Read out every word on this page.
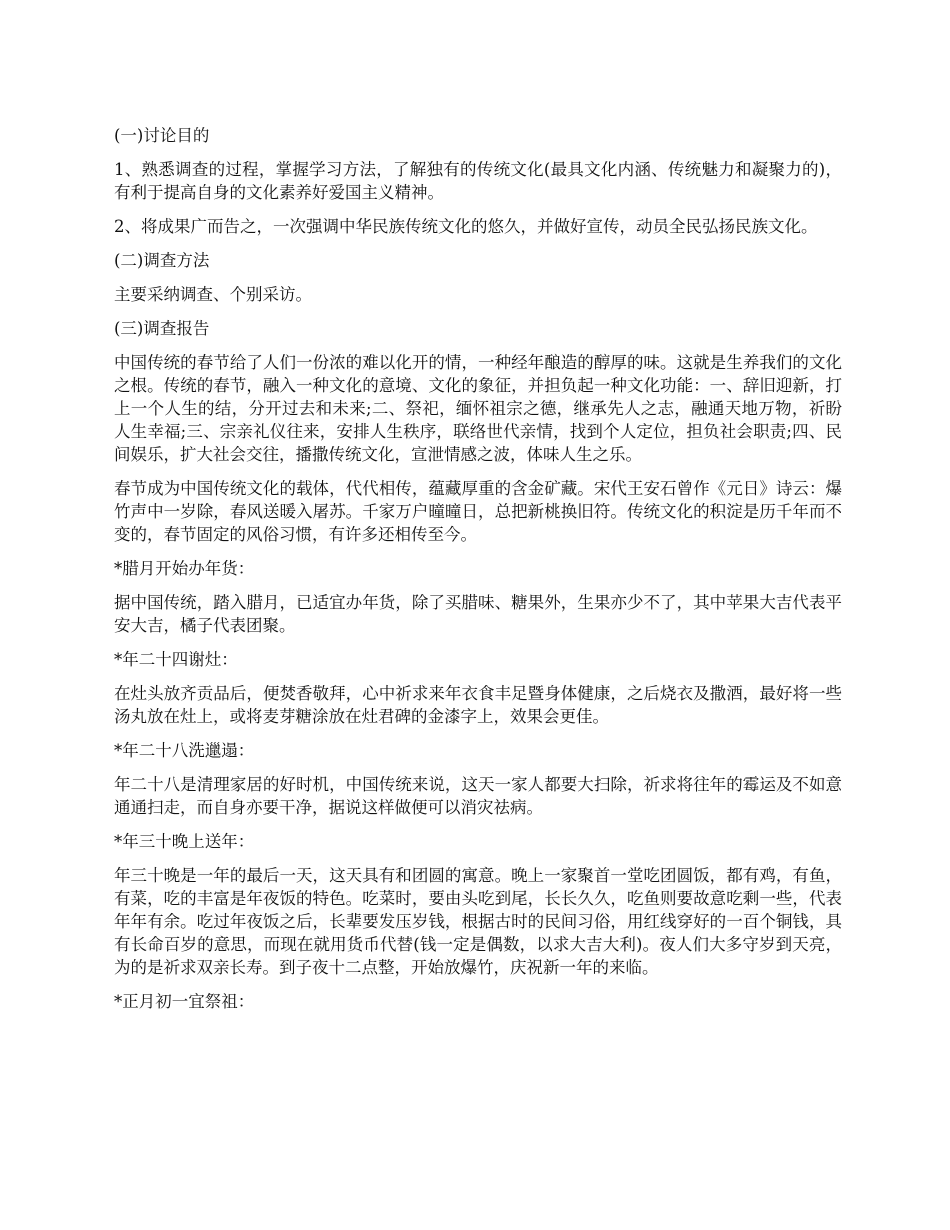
(一)讨论目的

1、熟悉调查的过程，掌握学习方法，了解独有的传统文化(最具文化内涵、传统魅力和凝聚力的)，有利于提高自身的文化素养好爱国主义精神。

2、将成果广而告之，一次强调中华民族传统文化的悠久，并做好宣传，动员全民弘扬民族文化。

(二)调查方法

主要采纳调查、个别采访。

(三)调查报告

中国传统的春节给了人们一份浓的难以化开的情，一种经年酿造的醇厚的味。这就是生养我们的文化之根。传统的春节，融入一种文化的意境、文化的象征，并担负起一种文化功能：一、辞旧迎新，打上一个人生的结，分开过去和未来;二、祭祀，缅怀祖宗之德，继承先人之志，融通天地万物，祈盼人生幸福;三、宗亲礼仪往来，安排人生秩序，联络世代亲情，找到个人定位，担负社会职责;四、民间娱乐，扩大社会交往，播撒传统文化，宣泄情感之波，体味人生之乐。

春节成为中国传统文化的载体，代代相传，蕴藏厚重的含金矿藏。宋代王安石曾作《元日》诗云：爆竹声中一岁除，春风送暖入屠苏。千家万户曈曈日，总把新桃换旧符。传统文化的积淀是历千年而不变的，春节固定的风俗习惯，有许多还相传至今。

*腊月开始办年货：

据中国传统，踏入腊月，已适宜办年货，除了买腊味、糖果外，生果亦少不了，其中苹果大吉代表平安大吉，橘子代表团聚。

*年二十四谢灶：

在灶头放齐贡品后，便焚香敬拜，心中祈求来年衣食丰足暨身体健康，之后烧衣及撒酒，最好将一些汤丸放在灶上，或将麦芽糖涂放在灶君碑的金漆字上，效果会更佳。

*年二十八洗邋遢：

年二十八是清理家居的好时机，中国传统来说，这天一家人都要大扫除，祈求将往年的霉运及不如意通通扫走，而自身亦要干净，据说这样做便可以消灾祛病。

*年三十晚上送年：

年三十晚是一年的最后一天，这天具有和团圆的寓意。晚上一家聚首一堂吃团圆饭，都有鸡，有鱼，有菜，吃的丰富是年夜饭的特色。吃菜时，要由头吃到尾，长长久久，吃鱼则要故意吃剩一些，代表年年有余。吃过年夜饭之后，长辈要发压岁钱，根据古时的民间习俗，用红线穿好的一百个铜钱，具有长命百岁的意思，而现在就用货币代替(钱一定是偶数，以求大吉大利)。夜人们大多守岁到天亮，为的是祈求双亲长寿。到子夜十二点整，开始放爆竹，庆祝新一年的来临。

*正月初一宜祭祖：
